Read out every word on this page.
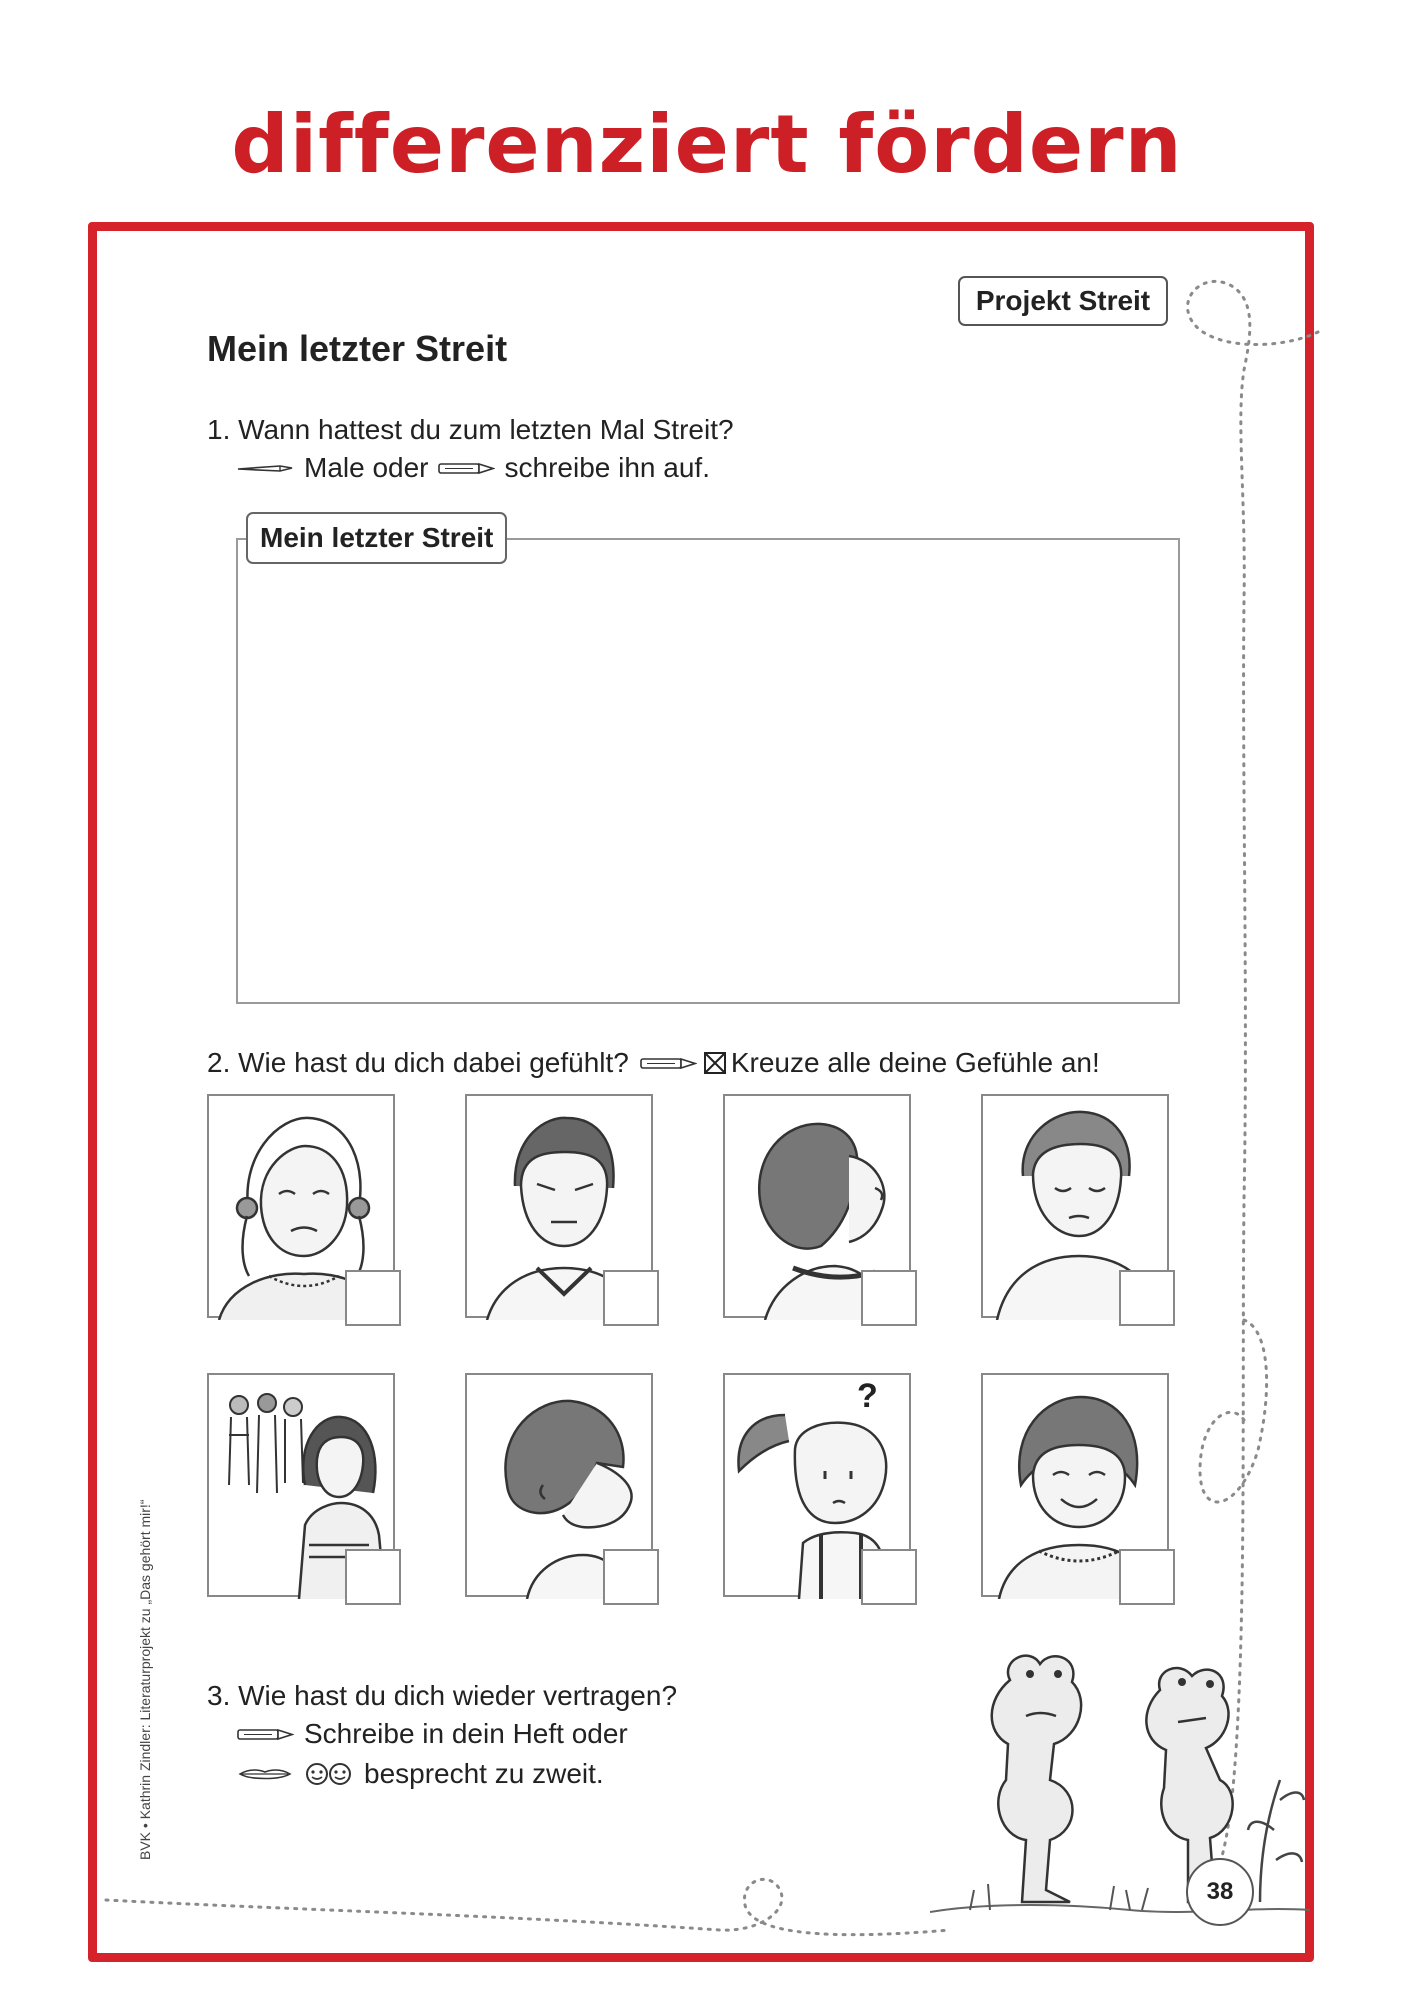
differenziert fördern
Projekt Streit
Mein letzter Streit
1. Wann hattest du zum letzten Mal Streit?
Male oder	schreibe ihn auf.
Mein letzter Streit
2. Wie hast du dich dabei gefühlt?	Kreuze alle deine Gefühle an!
?
3. Wie hast du dich wieder vertragen?
Schreibe in dein Heft oder
besprecht zu zweit.
38
BVK • Kathrin Zindler: Literaturprojekt zu „Das gehört mir!“
